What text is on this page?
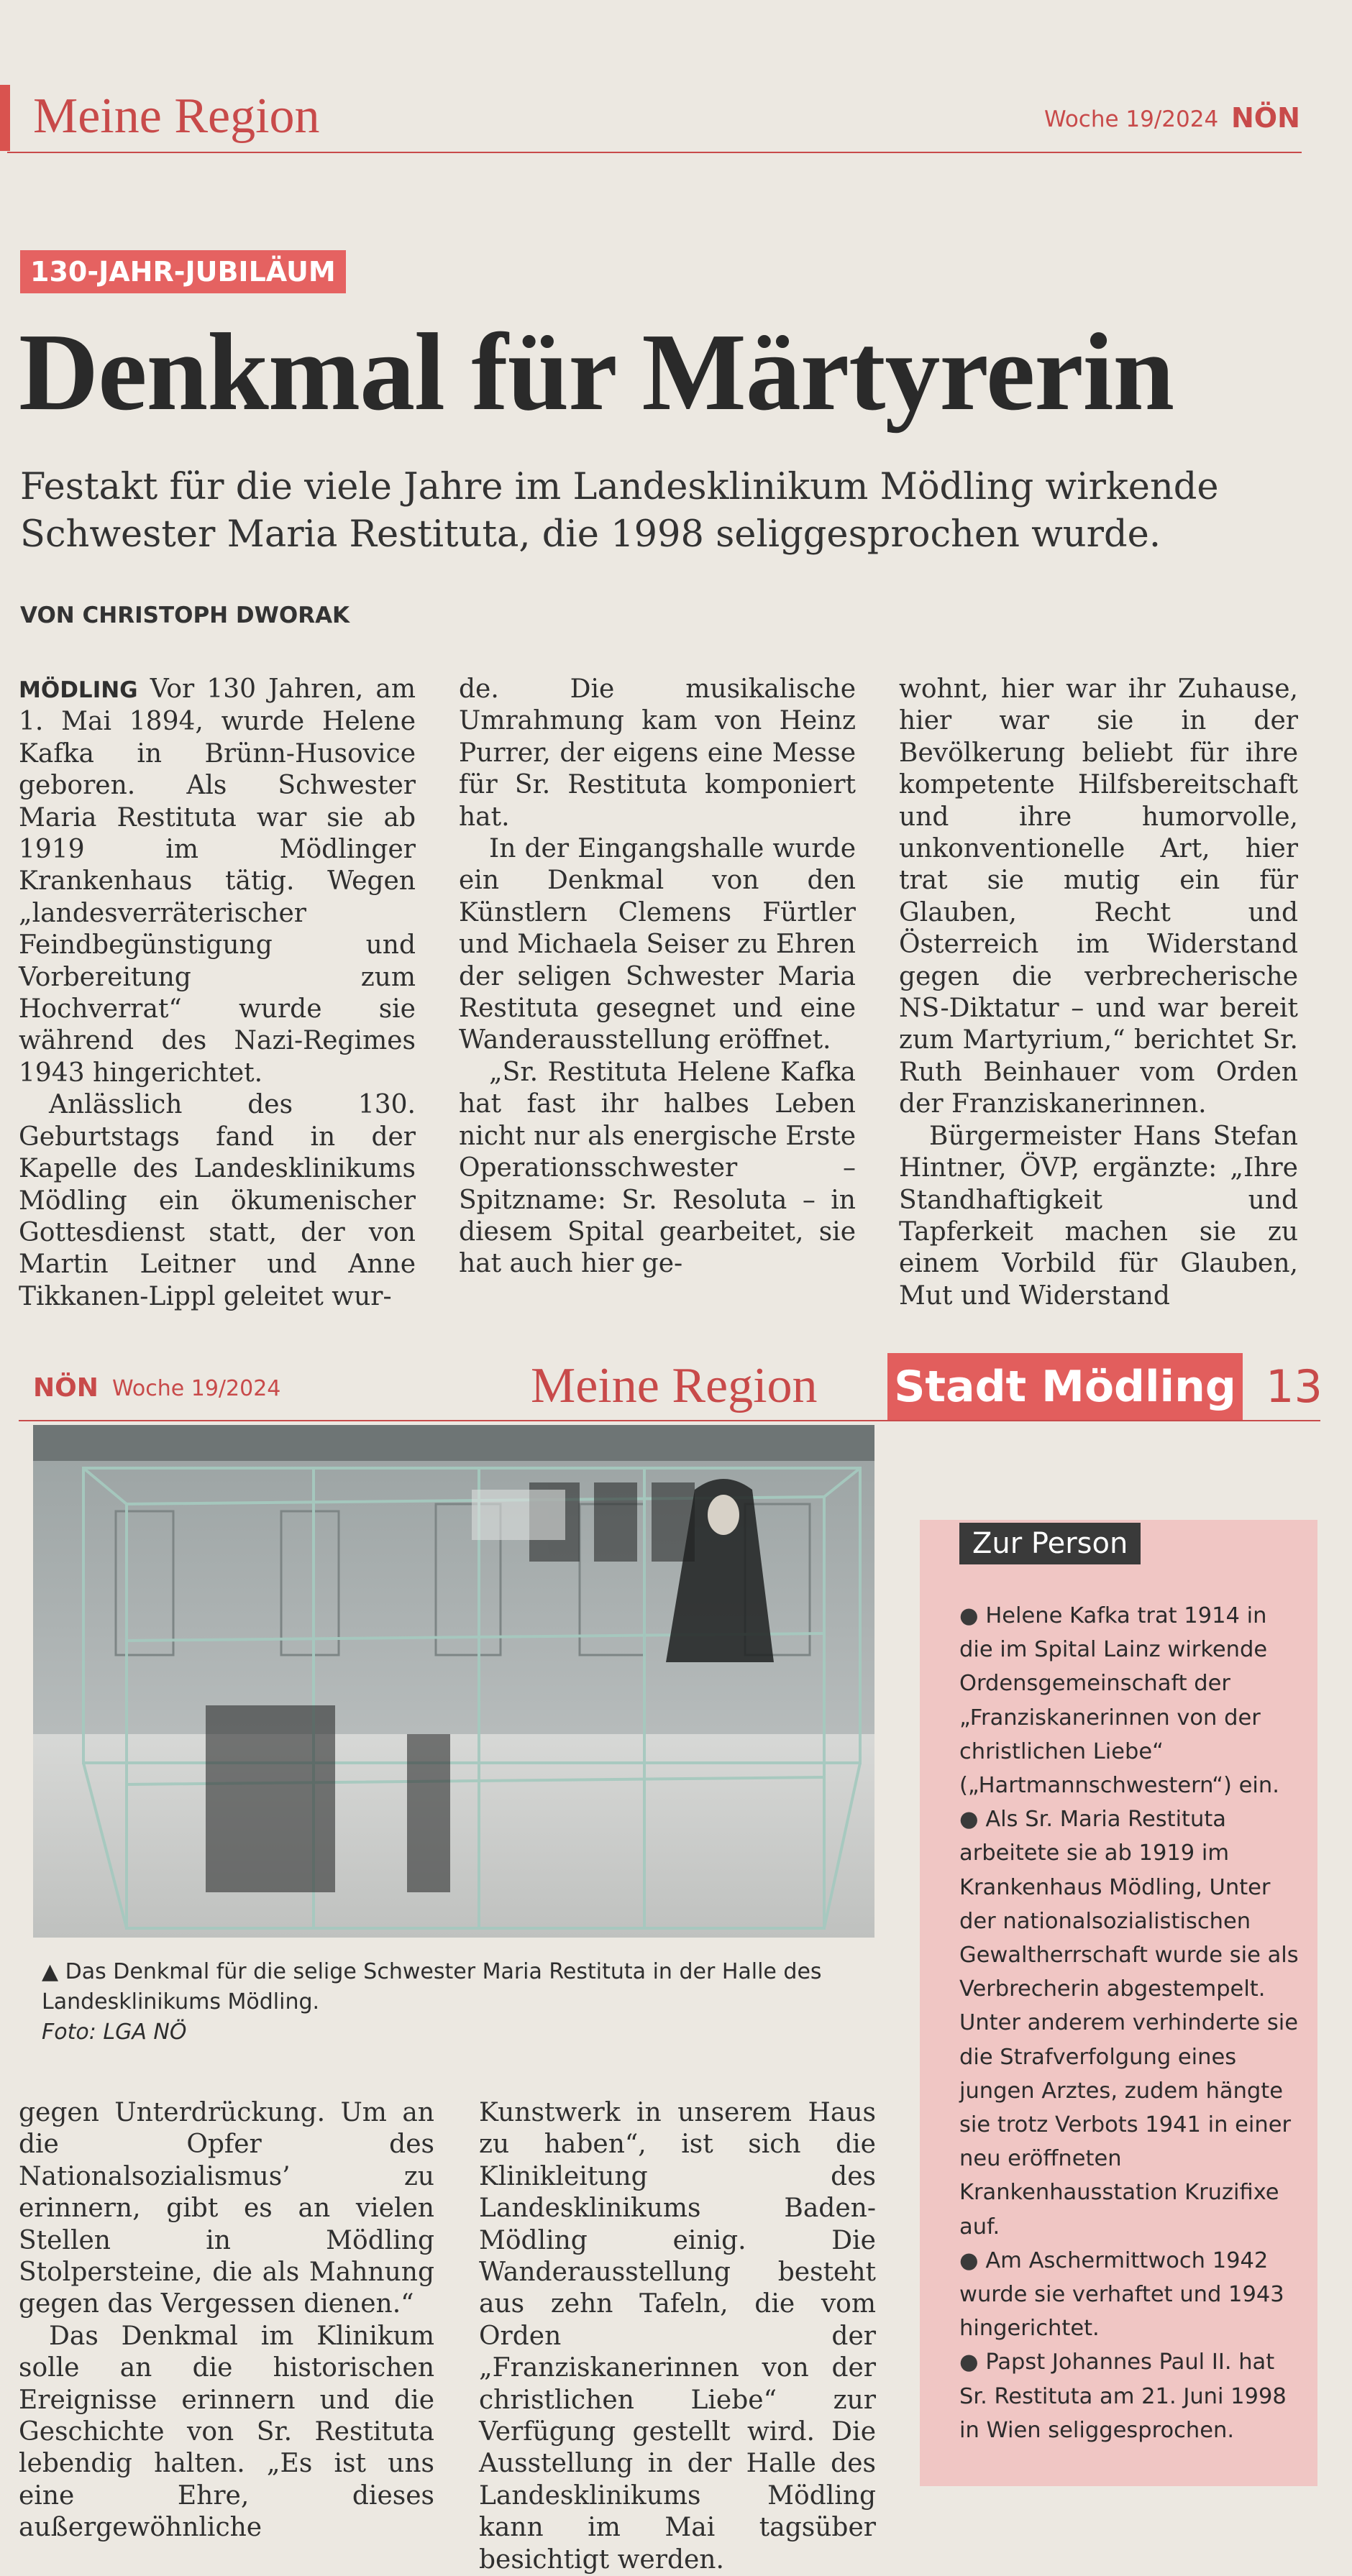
Meine Region	Woche 19/2024 NÖN
130-JAHR-JUBILÄUM
Denkmal für Märtyrerin
Festakt für die viele Jahre im Landesklinikum Mödling wirkende Schwester Maria Restituta, die 1998 seliggesprochen wurde.
VON CHRISTOPH DWORAK

MÖDLING Vor 130 Jahren, am 1. Mai 1894, wurde Helene Kafka in Brünn-Husovice geboren. Als Schwester Maria Restituta war sie ab 1919 im Mödlinger Krankenhaus tätig. Wegen „landesverräterischer Feindbegünstigung und Vorbereitung zum Hochverrat“ wurde sie während des Nazi-Regimes 1943 hingerichtet.

Anlässlich des 130. Geburtstags fand in der Kapelle des Landesklinikums Mödling ein ökumenischer Gottesdienst statt, der von Martin Leitner und Anne Tikkanen-Lippl geleitet wur-

de. Die musikalische Umrahmung kam von Heinz Purrer, der eigens eine Messe für Sr. Restituta komponiert hat.

In der Eingangshalle wurde ein Denkmal von den Künstlern Clemens Fürtler und Michaela Seiser zu Ehren der seligen Schwester Maria Restituta gesegnet und eine Wanderausstellung eröffnet.

„Sr. Restituta Helene Kafka hat fast ihr halbes Leben nicht nur als energische Erste Operationsschwester – Spitzname: Sr. Resoluta – in diesem Spital gearbeitet, sie hat auch hier ge-

wohnt, hier war ihr Zuhause, hier war sie in der Bevölkerung beliebt für ihre kompetente Hilfsbereitschaft und ihre humorvolle, unkonventionelle Art, hier trat sie mutig ein für Glauben, Recht und Österreich im Widerstand gegen die verbrecherische NS-Diktatur – und war bereit zum Martyrium,“ berichtet Sr. Ruth Beinhauer vom Orden der Franziskanerinnen.

Bürgermeister Hans Stefan Hintner, ÖVP, ergänzte: „Ihre Standhaftigkeit und Tapferkeit machen sie zu einem Vorbild für Glauben, Mut und Widerstand

NÖN Woche 19/2024	Meine Region Stadt Mödling 13
▲ Das Denkmal für die selige Schwester Maria Restituta in der Halle des Landesklinikums Mödling.
Foto: LGA NÖ
Zur Person
● Helene Kafka trat 1914 in die im Spital Lainz wirkende Ordensgemeinschaft der „Franziskanerinnen von der christlichen Liebe“ („Hartmannschwestern“) ein.
● Als Sr. Maria Restituta arbeitete sie ab 1919 im Krankenhaus Mödling, Unter der nationalsozialistischen Gewaltherrschaft wurde sie als Verbrecherin abgestempelt. Unter anderem verhinderte sie die Strafverfolgung eines jungen Arztes, zudem hängte sie trotz Verbots 1941 in einer neu eröffneten Krankenhausstation Kruzifixe auf.
● Am Aschermittwoch 1942 wurde sie verhaftet und 1943 hingerichtet.
● Papst Johannes Paul II. hat Sr. Restituta am 21. Juni 1998 in Wien seliggesprochen.

gegen Unterdrückung. Um an die Opfer des Nationalsozialismus’ zu erinnern, gibt es an vielen Stellen in Mödling Stolpersteine, die als Mahnung gegen das Vergessen dienen.“

Das Denkmal im Klinikum solle an die historischen Ereignisse erinnern und die Geschichte von Sr. Restituta lebendig halten. „Es ist uns eine Ehre, dieses außergewöhnliche

Kunstwerk in unserem Haus zu haben“, ist sich die Klinikleitung des Landesklinikums Baden-Mödling einig. Die Wanderausstellung besteht aus zehn Tafeln, die vom Orden der „Franziskanerinnen von der christlichen Liebe“ zur Verfügung gestellt wird. Die Ausstellung in der Halle des Landesklinikums Mödling kann im Mai tagsüber besichtigt werden.
